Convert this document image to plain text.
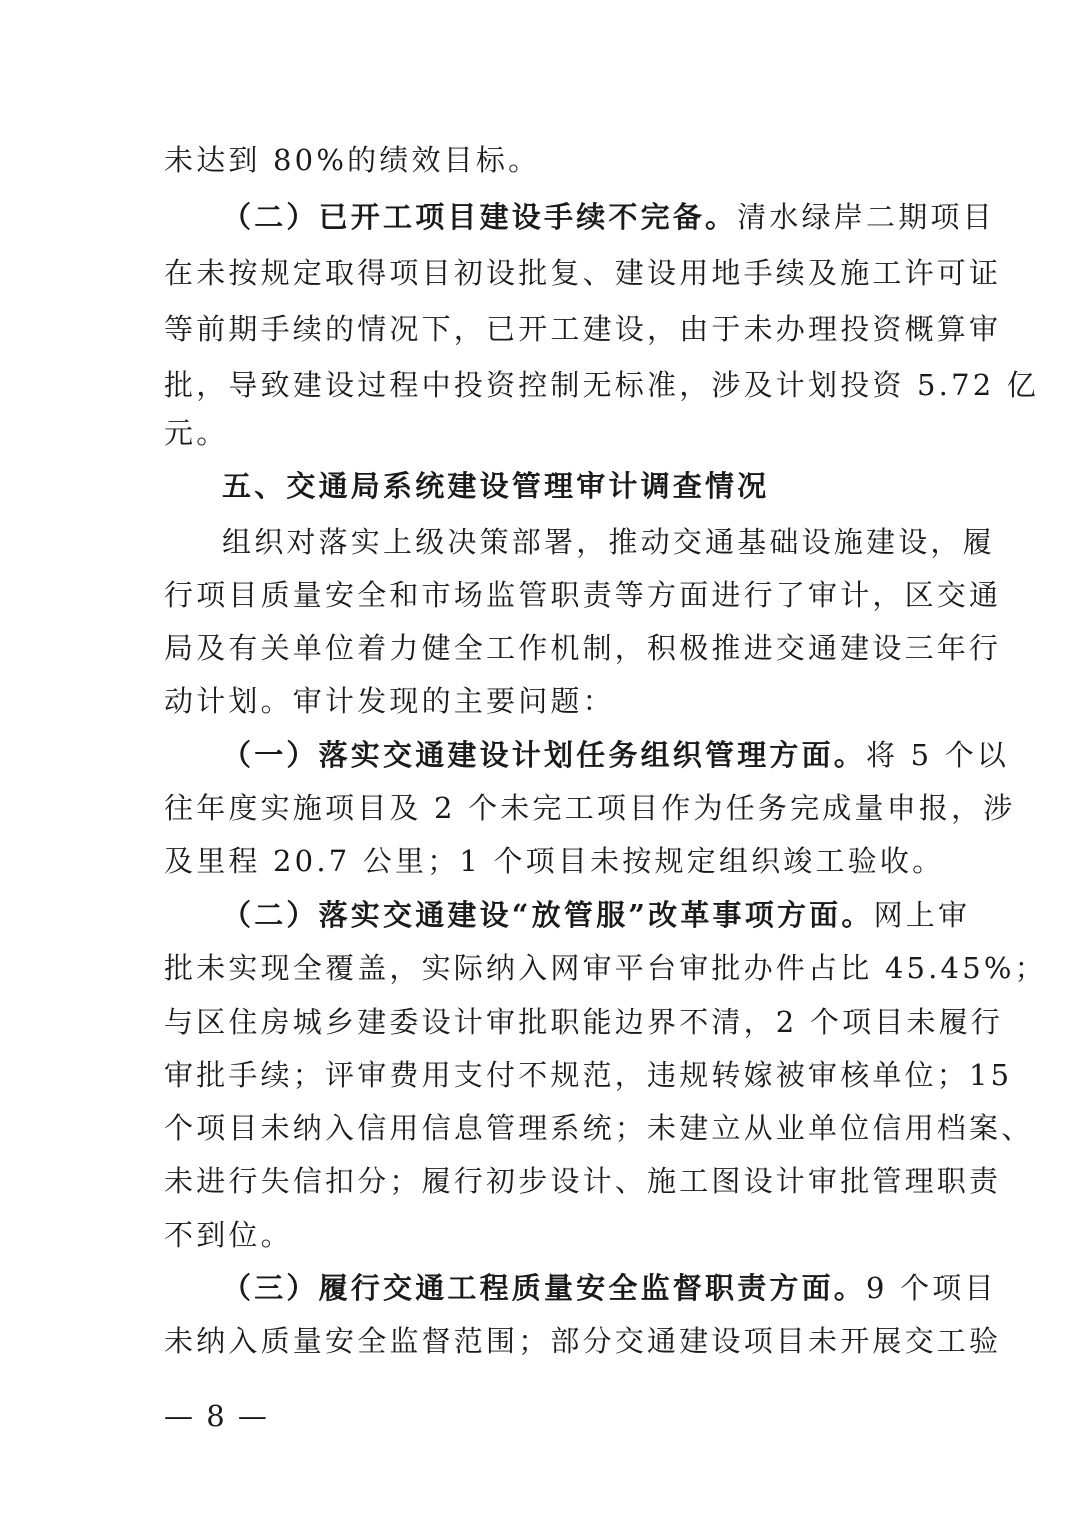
未达到 80%的绩效目标。
（二）已开工项目建设手续不完备。清水绿岸二期项目
在未按规定取得项目初设批复、建设用地手续及施工许可证
等前期手续的情况下，已开工建设，由于未办理投资概算审
批，导致建设过程中投资控制无标准，涉及计划投资 5.72 亿
元。
五、交通局系统建设管理审计调查情况
组织对落实上级决策部署，推动交通基础设施建设，履
行项目质量安全和市场监管职责等方面进行了审计，区交通
局及有关单位着力健全工作机制，积极推进交通建设三年行
动计划。审计发现的主要问题：
（一）落实交通建设计划任务组织管理方面。将 5 个以
往年度实施项目及 2 个未完工项目作为任务完成量申报，涉
及里程 20.7 公里；1 个项目未按规定组织竣工验收。
（二）落实交通建设“放管服”改革事项方面。网上审
批未实现全覆盖，实际纳入网审平台审批办件占比 45.45%；
与区住房城乡建委设计审批职能边界不清，2 个项目未履行
审批手续；评审费用支付不规范，违规转嫁被审核单位；15
个项目未纳入信用信息管理系统；未建立从业单位信用档案、
未进行失信扣分；履行初步设计、施工图设计审批管理职责
不到位。
（三）履行交通工程质量安全监督职责方面。9 个项目
未纳入质量安全监督范围；部分交通建设项目未开展交工验
— 8 —
